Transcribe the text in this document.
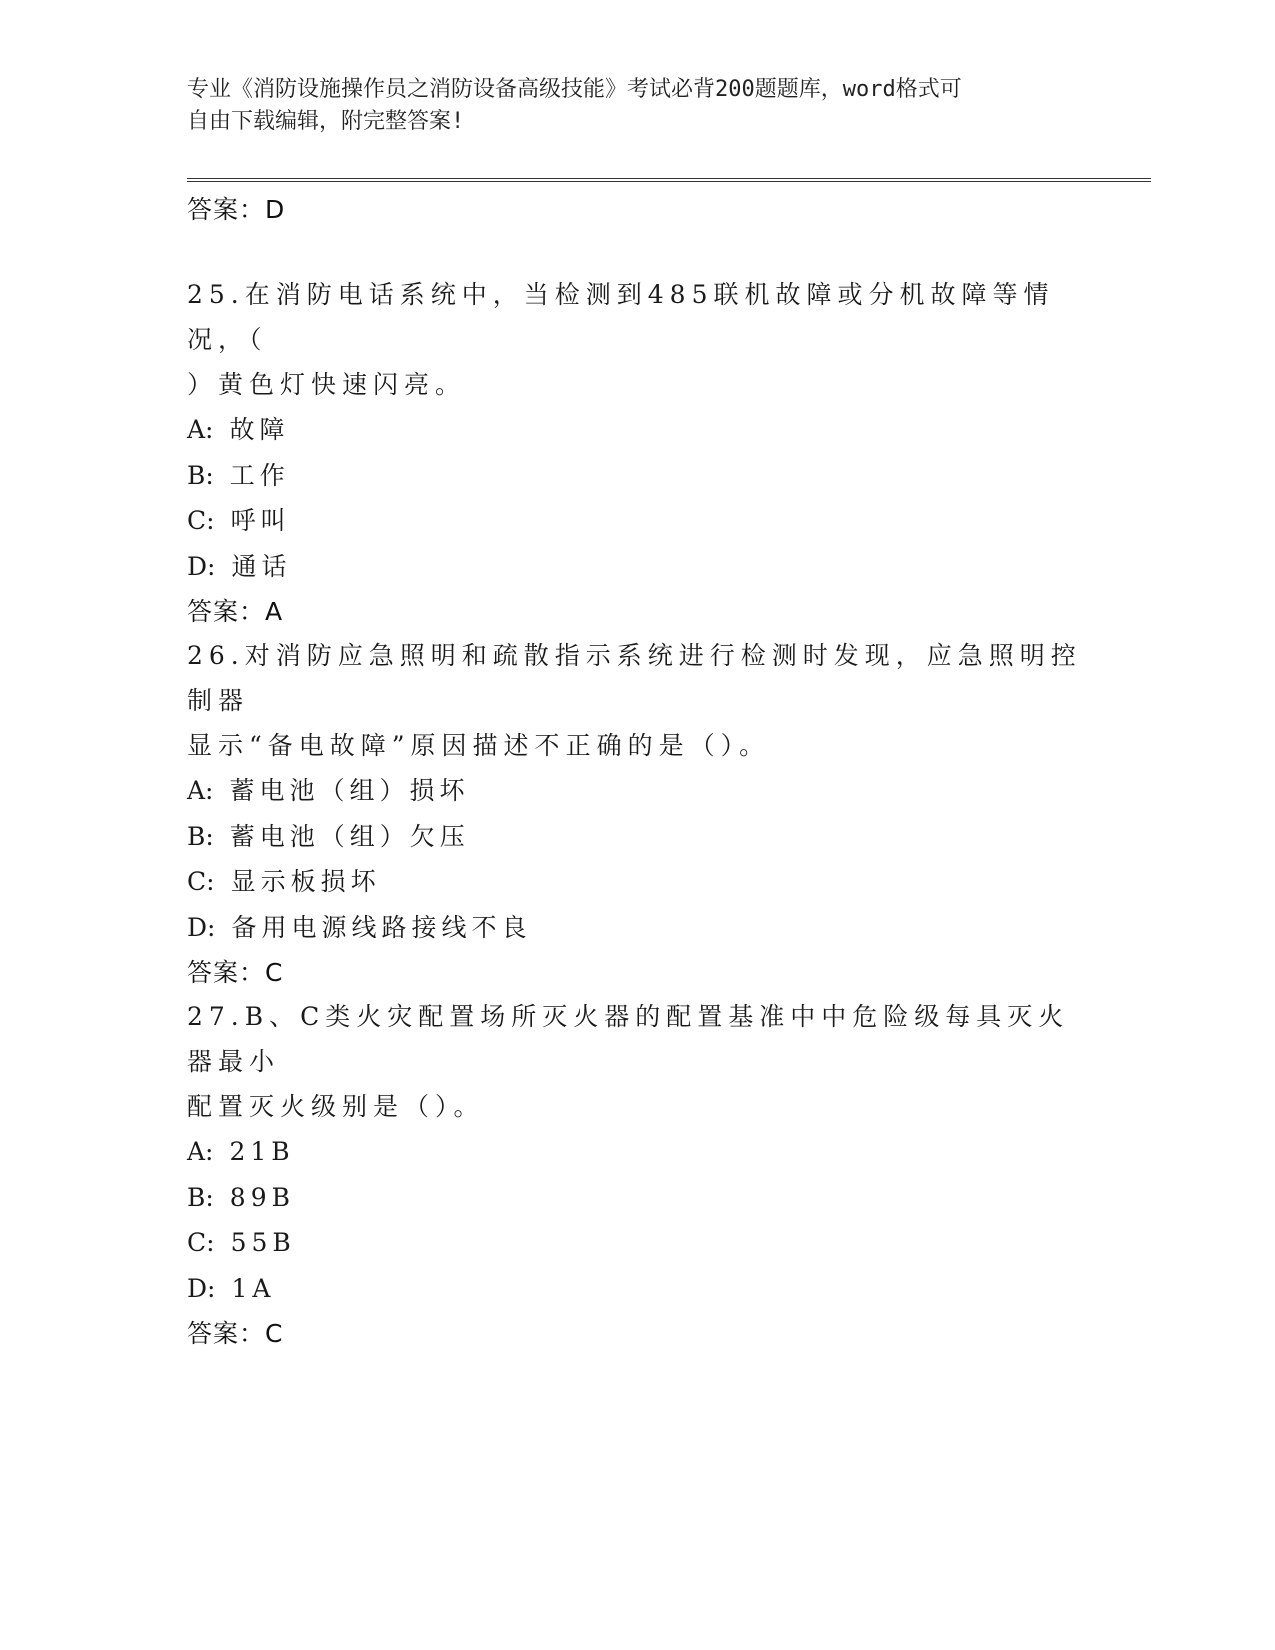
专业《消防设施操作员之消防设备高级技能》考试必背200题题库，word格式可
自由下载编辑，附完整答案!
答案：D

25.在消防电话系统中，当检测到485联机故障或分机故障等情况，（

）黄色灯快速闪亮。

A: 故障

B: 工作

C: 呼叫

D: 通话

答案：A

26.对消防应急照明和疏散指示系统进行检测时发现，应急照明控制器

显示“备电故障”原因描述不正确的是（）。

A: 蓄电池（组）损坏

B: 蓄电池（组）欠压

C: 显示板损坏

D: 备用电源线路接线不良

答案：C

27.B、C类火灾配置场所灭火器的配置基准中中危险级每具灭火器最小

配置灭火级别是（）。

A: 21B

B: 89B

C: 55B

D: 1A

答案：C
